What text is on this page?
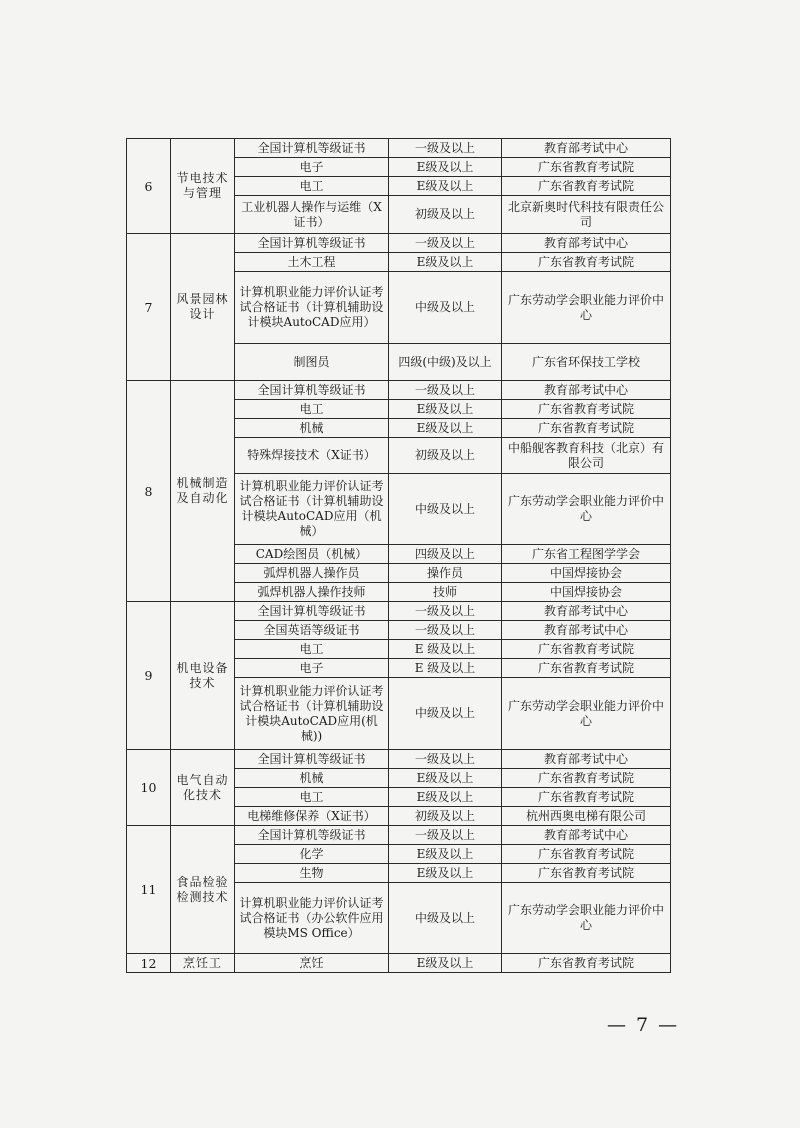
6	节电技术与管理	全国计算机等级证书	一级及以上	教育部考试中心
		电子	E级及以上	广东省教育考试院
		电工	E级及以上	广东省教育考试院
		工业机器人操作与运维（X证书）	初级及以上	北京新奥时代科技有限责任公司
7	风景园林设计	全国计算机等级证书	一级及以上	教育部考试中心
		土木工程	E级及以上	广东省教育考试院
		计算机职业能力评价认证考试合格证书（计算机辅助设计模块AutoCAD应用）	中级及以上	广东劳动学会职业能力评价中心
		制图员	四级(中级)及以上	广东省环保技工学校
8	机械制造及自动化	全国计算机等级证书	一级及以上	教育部考试中心
		电工	E级及以上	广东省教育考试院
		机械	E级及以上	广东省教育考试院
		特殊焊接技术（X证书）	初级及以上	中船舰客教育科技（北京）有限公司
		计算机职业能力评价认证考试合格证书（计算机辅助设计模块AutoCAD应用（机械）	中级及以上	广东劳动学会职业能力评价中心
		CAD绘图员（机械）	四级及以上	广东省工程图学学会
		弧焊机器人操作员	操作员	中国焊接协会
		弧焊机器人操作技师	技师	中国焊接协会
9	机电设备技术	全国计算机等级证书	一级及以上	教育部考试中心
		全国英语等级证书	一级及以上	教育部考试中心
		电工	E 级及以上	广东省教育考试院
		电子	E 级及以上	广东省教育考试院
		计算机职业能力评价认证考试合格证书（计算机辅助设计模块AutoCAD应用(机械))	中级及以上	广东劳动学会职业能力评价中心
10	电气自动化技术	全国计算机等级证书	一级及以上	教育部考试中心
		机械	E级及以上	广东省教育考试院
		电工	E级及以上	广东省教育考试院
		电梯维修保养（X证书）	初级及以上	杭州西奥电梯有限公司
11	食品检验检测技术	全国计算机等级证书	一级及以上	教育部考试中心
		化学	E级及以上	广东省教育考试院
		生物	E级及以上	广东省教育考试院
		计算机职业能力评价认证考试合格证书（办公软件应用模块MS Office）	中级及以上	广东劳动学会职业能力评价中心
12	烹饪工	烹饪	E级及以上	广东省教育考试院
— 7 —
